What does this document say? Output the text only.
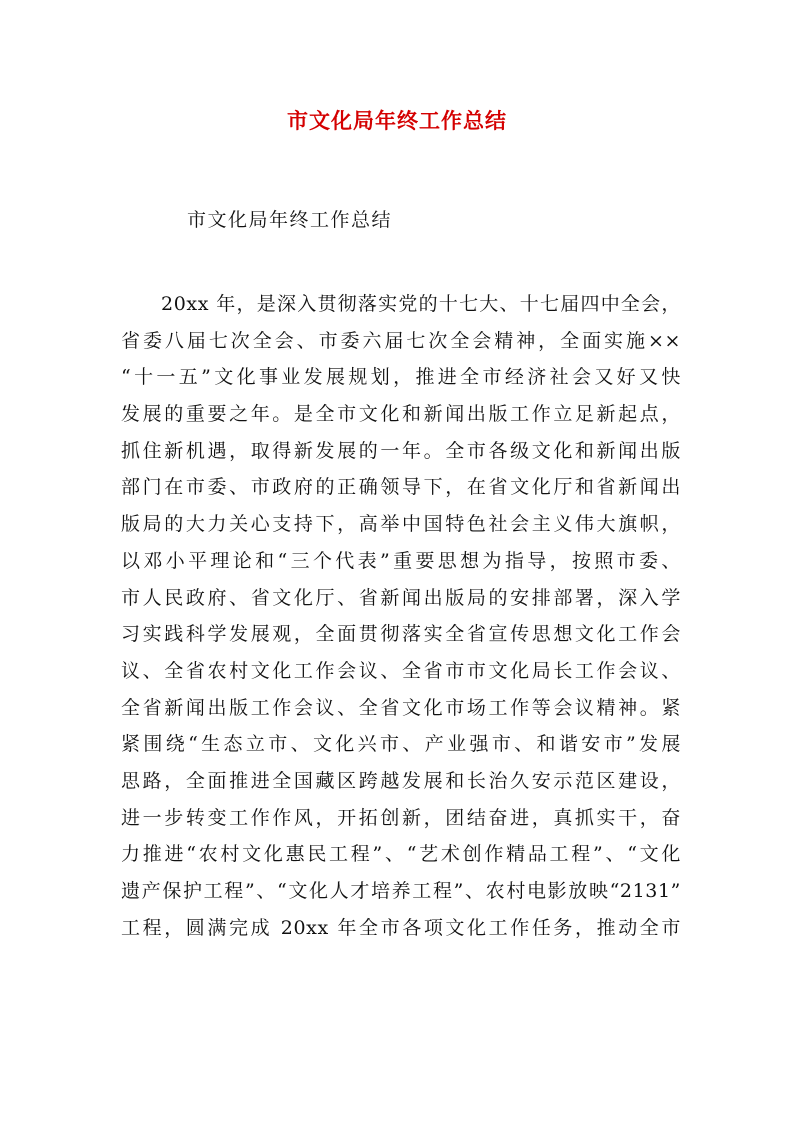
市文化局年终工作总结
市文化局年终工作总结
20xx 年，是深入贯彻落实党的十七大、十七届四中全会，
省委八届七次全会、市委六届七次全会精神，全面实施××
“十一五”文化事业发展规划，推进全市经济社会又好又快
发展的重要之年。是全市文化和新闻出版工作立足新起点，
抓住新机遇，取得新发展的一年。全市各级文化和新闻出版
部门在市委、市政府的正确领导下，在省文化厅和省新闻出
版局的大力关心支持下，高举中国特色社会主义伟大旗帜，
以邓小平理论和“三个代表”重要思想为指导，按照市委、
市人民政府、省文化厅、省新闻出版局的安排部署，深入学
习实践科学发展观，全面贯彻落实全省宣传思想文化工作会
议、全省农村文化工作会议、全省市市文化局长工作会议、
全省新闻出版工作会议、全省文化市场工作等会议精神。紧
紧围绕“生态立市、文化兴市、产业强市、和谐安市”发展
思路，全面推进全国藏区跨越发展和长治久安示范区建设，
进一步转变工作作风，开拓创新，团结奋进，真抓实干，奋
力推进“农村文化惠民工程”、“艺术创作精品工程”、“文化
遗产保护工程”、“文化人才培养工程”、农村电影放映“2131”
工程，圆满完成 20xx 年全市各项文化工作任务，推动全市
